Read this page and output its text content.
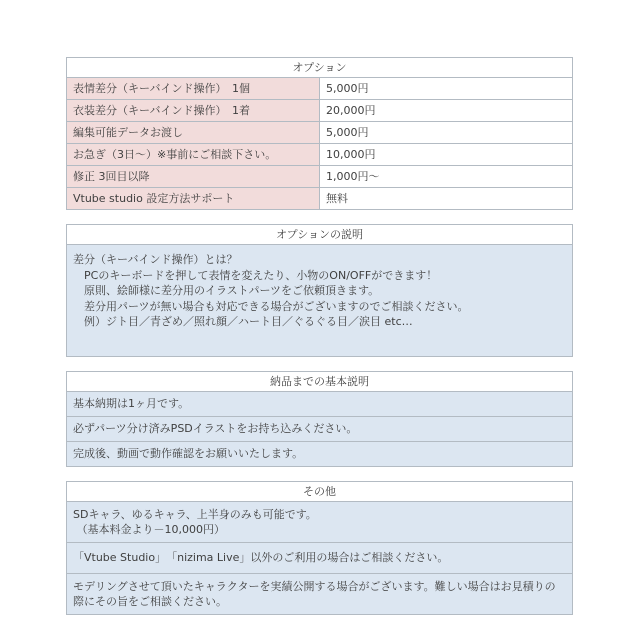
オプション	
表情差分（キーバインド操作）　1個	5,000円
衣装差分（キーバインド操作）　1着	20,000円
編集可能データお渡し	5,000円
お急ぎ（3日～）※事前にご相談下さい。	10,000円
修正 3回目以降	1,000円～
Vtube studio 設定方法サポート	無料
オプションの説明

差分（キーバインド操作）とは？
　PCのキーボードを押して表情を変えたり、小物のON/OFFができます！
　原則、絵師様に差分用のイラストパーツをご依頼頂きます。
　差分用パーツが無い場合も対応できる場合がございますのでご相談ください。
　例）ジト目／青ざめ／照れ顔／ハート目／ぐるぐる目／涙目 etc…
納品までの基本説明
基本納期は1ヶ月です。
必ずパーツ分け済みPSDイラストをお持ち込みください。
完成後、動画で動作確認をお願いいたします。
その他

SDキャラ、ゆるキャラ、上半身のみも可能です。
（基本料金より－10,000円）

「Vtube Studio」　「nizima Live」以外のご利用の場合はご相談ください。
モデリングさせて頂いたキャラクターを実績公開する場合がございます。難しい場合はお見積りの際にその旨をご相談ください。
